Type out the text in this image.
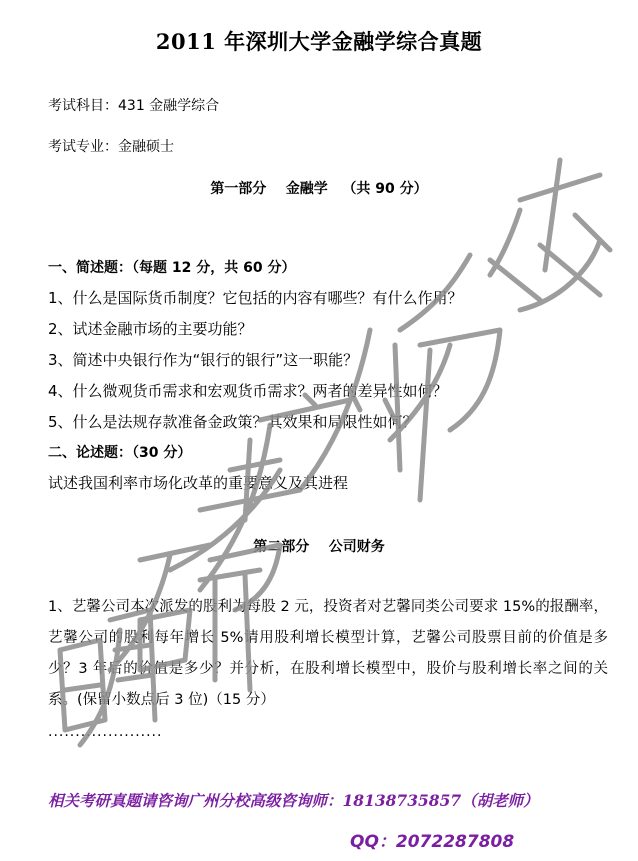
2011 年深圳大学金融学综合真题
考试科目：431 金融学综合
考试专业：金融硕士
第一部分    金融学   （共 90 分）
一、简述题：（每题 12 分，共 60 分）
1、什么是国际货币制度？它包括的内容有哪些？有什么作用？
2、试述金融市场的主要功能？
3、简述中央银行作为“银行的银行”这一职能？
4、什么微观货币需求和宏观货币需求？两者的差异性如何？
5、什么是法规存款准备金政策？其效果和局限性如何？
二、论述题：（30 分）
试述我国利率市场化改革的重要意义及其进程
第二部分    公司财务
1、艺馨公司本次派发的股利为每股 2 元，投资者对艺馨同类公司要求 15%的报酬率，艺馨公司的股利每年增长 5%请用股利增长模型计算，艺馨公司股票目前的价值是多少？3 年后的价值是多少？并分析，在股利增长模型中，股价与股利增长率之间的关系。(保留小数点后 3 位)（15 分）
.....................
相关考研真题请咨询广州分校高级咨询师：18138735857（胡老师）
QQ：2072287808
